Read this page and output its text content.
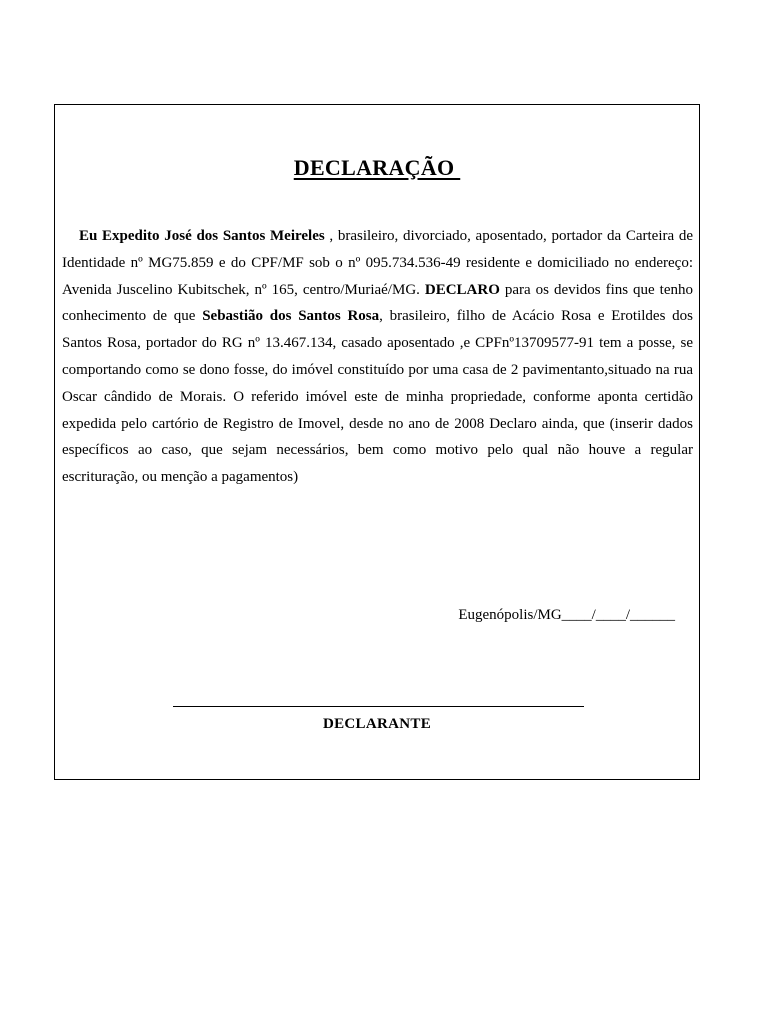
DECLARAÇÃO

Eu Expedito José dos Santos Meireles , brasileiro, divorciado, aposentado, portador da Carteira de Identidade nº MG75.859 e do CPF/MF sob o nº 095.734.536-49 residente e domiciliado no endereço: Avenida Juscelino Kubitschek, nº 165, centro/Muriaé/MG. DECLARO para os devidos fins que tenho conhecimento de que Sebastião dos Santos Rosa, brasileiro, filho de Acácio Rosa e Erotildes dos Santos Rosa, portador do RG nº 13.467.134, casado aposentado ,e CPFnº13709577-91 tem a posse, se comportando como se dono fosse, do imóvel constituído por uma casa de 2 pavimentanto,situado na rua Oscar cândido de Morais. O referido imóvel este de minha propriedade, conforme aponta certidão expedida pelo cartório de Registro de Imovel, desde no ano de 2008 Declaro ainda, que (inserir dados específicos ao caso, que sejam necessários, bem como motivo pelo qual não houve a regular escrituração, ou menção a pagamentos)

Eugenópolis/MG____/____/______
DECLARANTE
